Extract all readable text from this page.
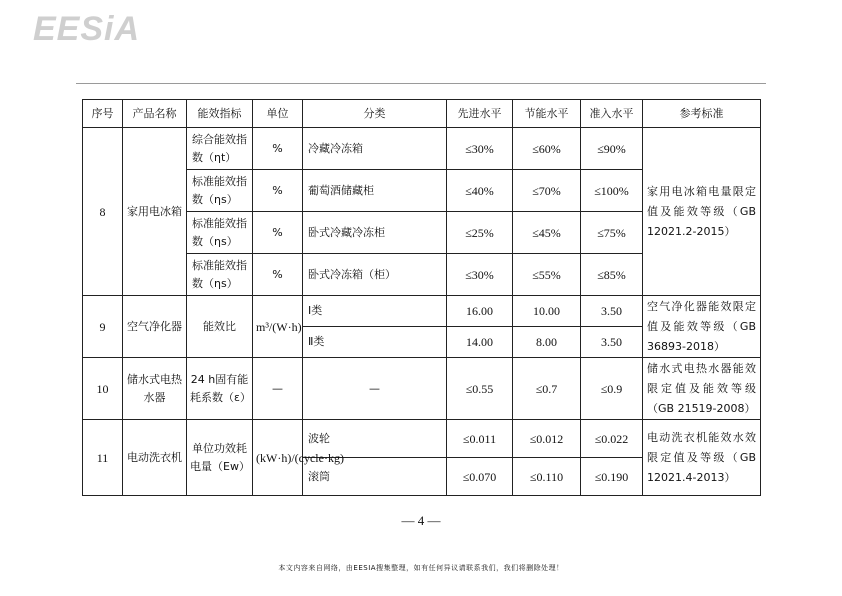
EESiA
序号	产品名称	能效指标	单位	分类	先进水平	节能水平	准入水平	参考标准
8	家用电冰箱	综合能效指数（ηt）	%	冷藏冷冻箱	≤30%	≤60%	≤90%	家用电冰箱电量限定值及能效等级（GB 12021.2-2015）
		标准能效指数（ηs）	%	葡萄酒储藏柜	≤40%	≤70%	≤100%	
		标准能效指数（ηs）	%	卧式冷藏冷冻柜	≤25%	≤45%	≤75%	
		标准能效指数（ηs）	%	卧式冷冻箱（柜）	≤30%	≤55%	≤85%	
9	空气净化器	能效比	m³/(W·h)	Ⅰ类	16.00	10.00	3.50	空气净化器能效限定值及能效等级（GB 36893-2018）
				Ⅱ类	14.00	8.00	3.50	
10	储水式电热水器	24 h固有能耗系数（ε）	—	—	≤0.55	≤0.7	≤0.9	储水式电热水器能效限定值及能效等级（GB 21519-2008）
11	电动洗衣机	单位功效耗电量（Ew）	(kW·h)/(cycle·kg)	波轮	≤0.011	≤0.012	≤0.022	电动洗衣机能效水效限定值及等级（GB 12021.4-2013）
				滚筒	≤0.070	≤0.110	≤0.190	
— 4 —
本文内容来自网络，由EESIA搜集整理，如有任何异议请联系我们，我们将删除处理！
